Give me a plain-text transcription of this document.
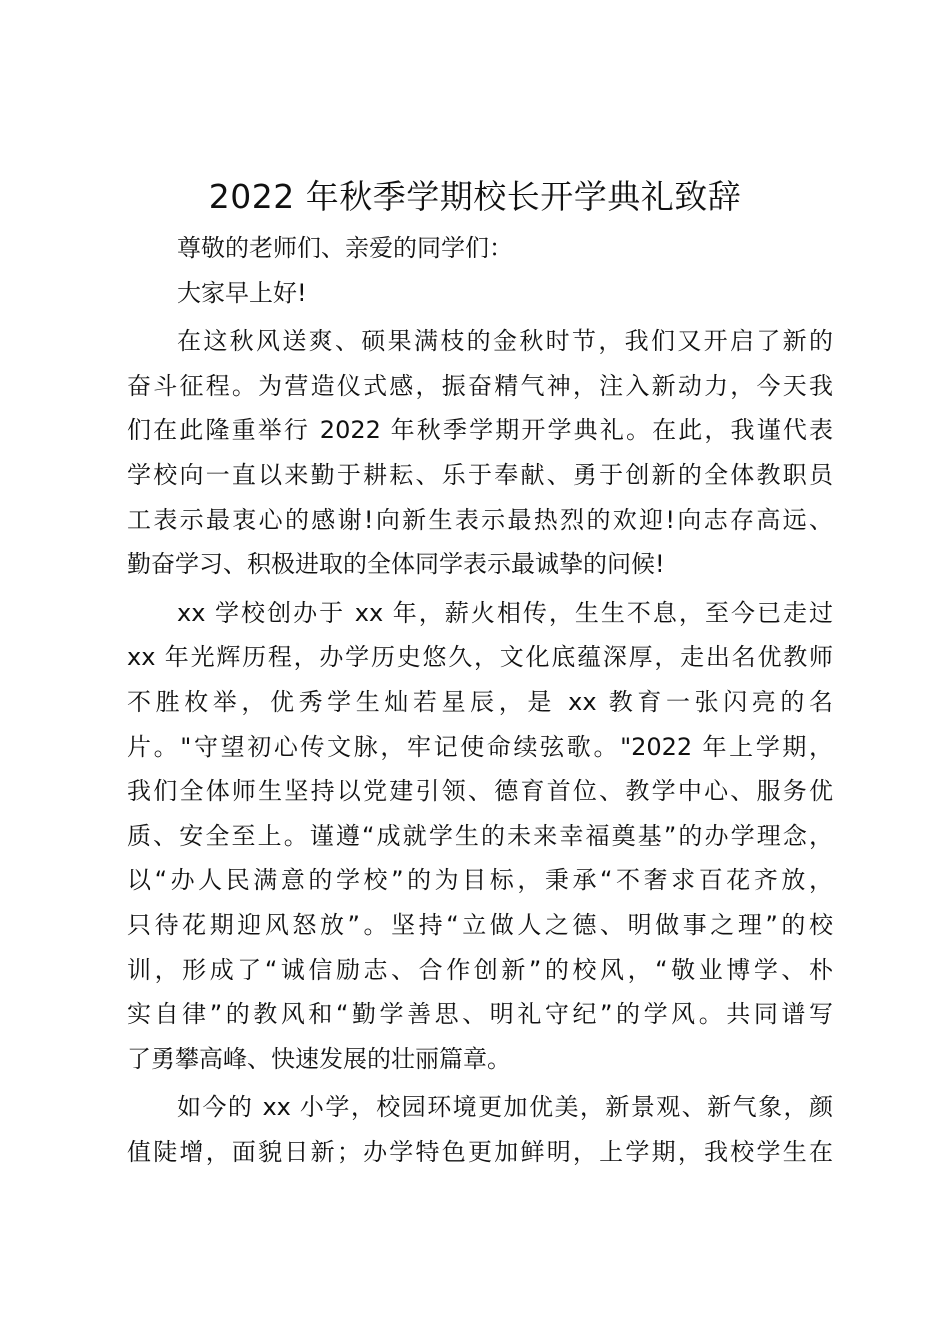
2022 年秋季学期校长开学典礼致辞
尊敬的老师们、亲爱的同学们：
大家早上好!
在这秋风送爽、硕果满枝的金秋时节，我们又开启了新的
奋斗征程。为营造仪式感，振奋精气神，注入新动力，今天我
们在此隆重举行 2022 年秋季学期开学典礼。在此，我谨代表
学校向一直以来勤于耕耘、乐于奉献、勇于创新的全体教职员
工表示最衷心的感谢!向新生表示最热烈的欢迎!向志存高远、
勤奋学习、积极进取的全体同学表示最诚挚的问候!
xx 学校创办于 xx 年，薪火相传，生生不息，至今已走过
xx 年光辉历程，办学历史悠久，文化底蕴深厚，走出名优教师
不胜枚举，优秀学生灿若星辰，是 xx 教育一张闪亮的名
片。"守望初心传文脉，牢记使命续弦歌。"2022 年上学期，
我们全体师生坚持以党建引领、德育首位、教学中心、服务优
质、安全至上。谨遵“成就学生的未来幸福奠基”的办学理念，
以“办人民满意的学校”的为目标，秉承“不奢求百花齐放，
只待花期迎风怒放”。坚持“立做人之德、明做事之理”的校
训，形成了“诚信励志、合作创新”的校风，“敬业博学、朴
实自律”的教风和“勤学善思、明礼守纪”的学风。共同谱写
了勇攀高峰、快速发展的壮丽篇章。
如今的 xx 小学，校园环境更加优美，新景观、新气象，颜
值陡增，面貌日新；办学特色更加鲜明，上学期，我校学生在
